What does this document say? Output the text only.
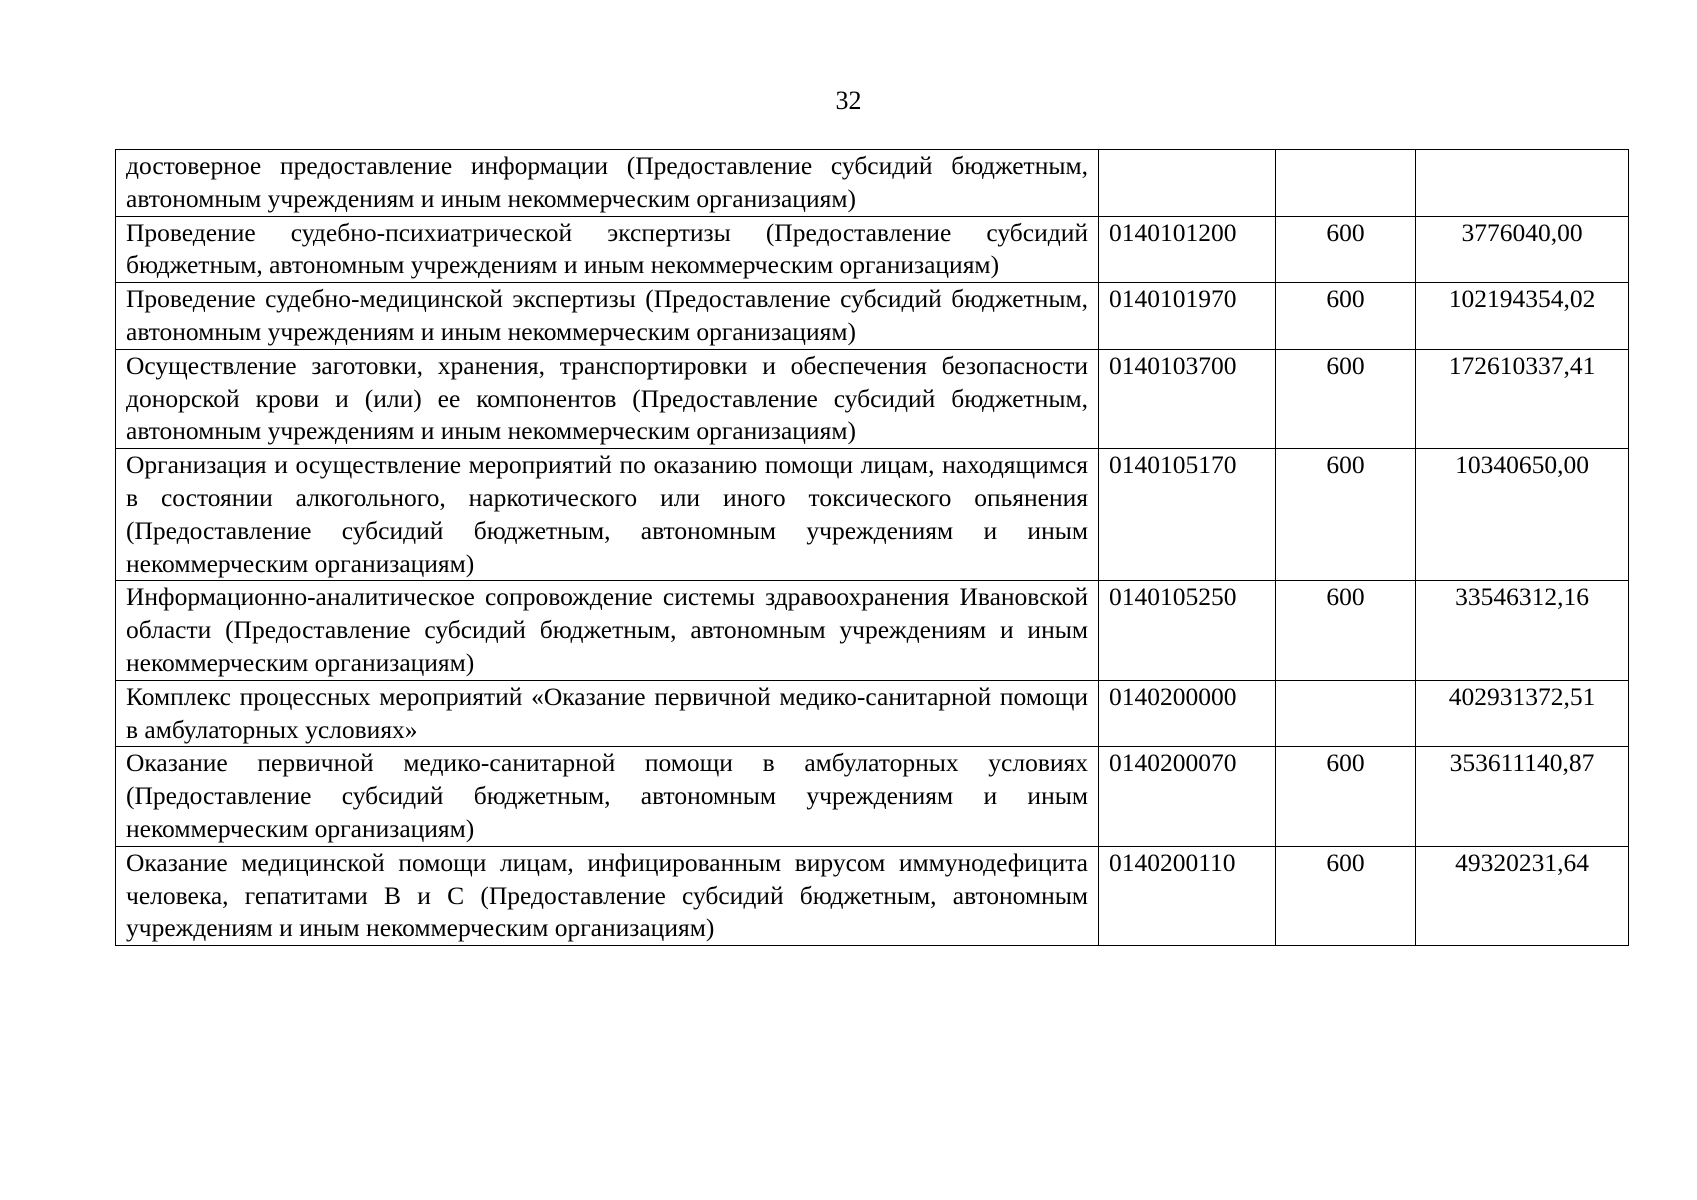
32
достоверное предоставление информации (Предоставление субсидий бюджетным, автономным учреждениям и иным некоммерческим организациям)			
Проведение судебно-психиатрической экспертизы (Предоставление субсидий бюджетным, автономным учреждениям и иным некоммерческим организациям)	0140101200	600	3776040,00
Проведение судебно-медицинской экспертизы (Предоставление субсидий бюджетным, автономным учреждениям и иным некоммерческим организациям)	0140101970	600	102194354,02
Осуществление заготовки, хранения, транспортировки и обеспечения безопасности донорской крови и (или) ее компонентов (Предоставление субсидий бюджетным, автономным учреждениям и иным некоммерческим организациям)	0140103700	600	172610337,41
Организация и осуществление мероприятий по оказанию помощи лицам, находящимся в состоянии алкогольного, наркотического или иного токсического опьянения (Предоставление субсидий бюджетным, автономным учреждениям и иным некоммерческим организациям)	0140105170	600	10340650,00
Информационно-аналитическое сопровождение системы здравоохранения Ивановской области (Предоставление субсидий бюджетным, автономным учреждениям и иным некоммерческим организациям)	0140105250	600	33546312,16
Комплекс процессных мероприятий «Оказание первичной медико-санитарной помощи в амбулаторных условиях»	0140200000		402931372,51
Оказание первичной медико-санитарной помощи в амбулаторных условиях (Предоставление субсидий бюджетным, автономным учреждениям и иным некоммерческим организациям)	0140200070	600	353611140,87
Оказание медицинской помощи лицам, инфицированным вирусом иммунодефицита человека, гепатитами B и C (Предоставление субсидий бюджетным, автономным учреждениям и иным некоммерческим организациям)	0140200110	600	49320231,64
